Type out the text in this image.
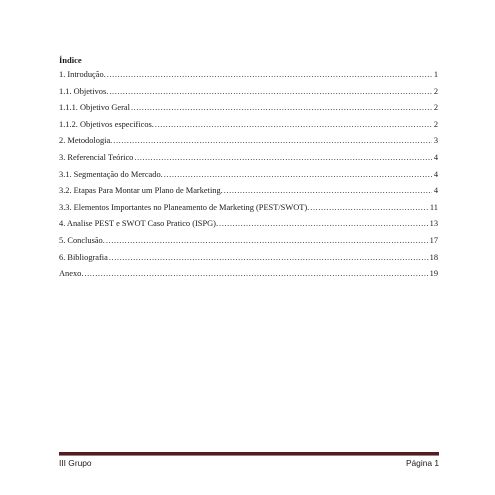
Índice
1. Introdução. .....	1
1.1. Objetivos. .....	2
1.1.1. Objetivo Geral .....	2
1.1.2. Objetivos especificos. .....	2
2. Metodologia. .....	3
3. Referencial Teórico .....	4
3.1. Segmentação do Mercado. .....	4
3.2. Etapas Para Montar um Plano de Marketing. .....	4
3.3. Elementos Importantes no Planeamento de Marketing (PEST/SWOT). .....	11
4. Analise PEST e SWOT Caso Pratico (ISPG). .....	13
5. Conclusão. .....	17
6. Bibliografia .....	18
Anexo. .....	19
III Grupo	Página 1
